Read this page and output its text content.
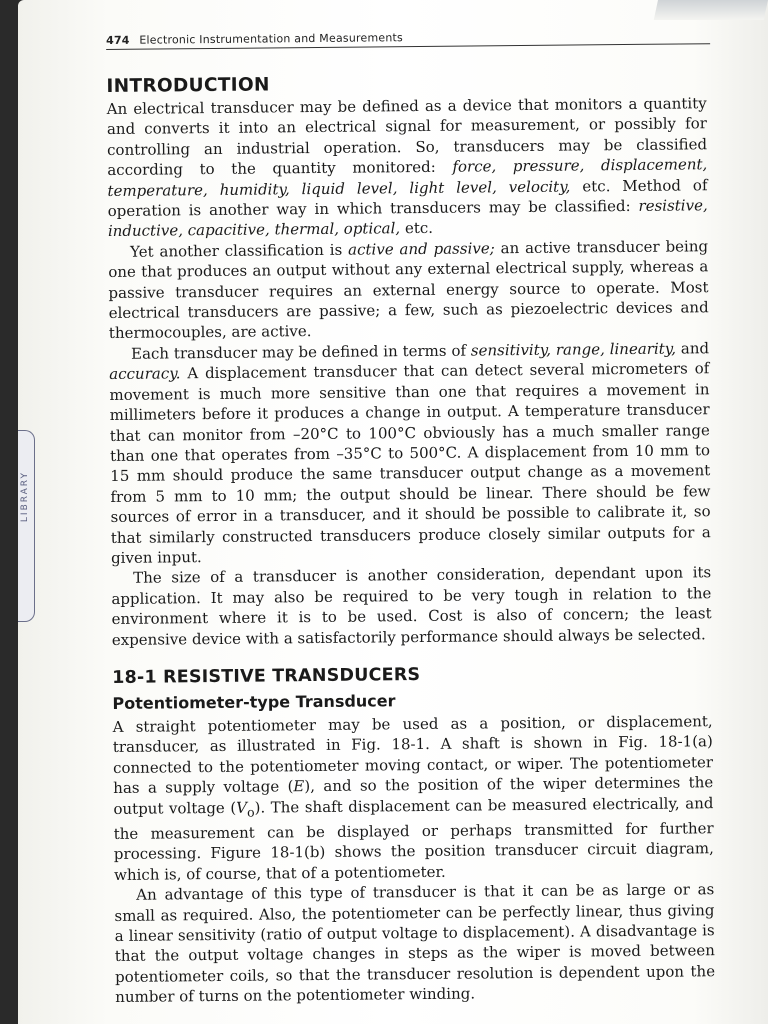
LIBRARY
474 Electronic Instrumentation and Measurements
INTRODUCTION

An electrical transducer may be defined as a device that monitors a quantity and converts it into an electrical signal for measurement, or possibly for controlling an industrial operation. So, transducers may be classified according to the quantity monitored: force, pressure, displacement, temperature, humidity, liquid level, light level, velocity, etc. Method of operation is another way in which transducers may be classified: resistive, inductive, capacitive, thermal, optical, etc.

Yet another classification is active and passive; an active transducer being one that produces an output without any external electrical supply, whereas a passive transducer requires an external energy source to operate. Most electrical transducers are passive; a few, such as piezoelectric devices and thermocouples, are active.

Each transducer may be defined in terms of sensitivity, range, linearity, and accuracy. A displacement transducer that can detect several micrometers of movement is much more sensitive than one that requires a movement in millimeters before it produces a change in output. A temperature transducer that can monitor from –20°C to 100°C obviously has a much smaller range than one that operates from –35°C to 500°C. A displacement from 10 mm to 15 mm should produce the same transducer output change as a movement from 5 mm to 10 mm; the output should be linear. There should be few sources of error in a transducer, and it should be possible to calibrate it, so that similarly constructed transducers produce closely similar outputs for a given input.

The size of a transducer is another consideration, dependant upon its application. It may also be required to be very tough in relation to the environment where it is to be used. Cost is also of concern; the least expensive device with a satisfactorily performance should always be selected.

18-1 RESISTIVE TRANSDUCERS
Potentiometer-type Transducer

A straight potentiometer may be used as a position, or displacement, transducer, as illustrated in Fig. 18-1. A shaft is shown in Fig. 18-1(a) connected to the potentiometer moving contact, or wiper. The potentiometer has a supply voltage (E), and so the position of the wiper determines the output voltage $(V_o)$. The shaft displacement can be measured electrically, and the measurement can be displayed or perhaps transmitted for further processing. Figure 18-1(b) shows the position transducer circuit diagram, which is, of course, that of a potentiometer.

An advantage of this type of transducer is that it can be as large or as small as required. Also, the potentiometer can be perfectly linear, thus giving a linear sensitivity (ratio of output voltage to displacement). A disadvantage is that the output voltage changes in steps as the wiper is moved between potentiometer coils, so that the transducer resolution is dependent upon the number of turns on the potentiometer winding.
